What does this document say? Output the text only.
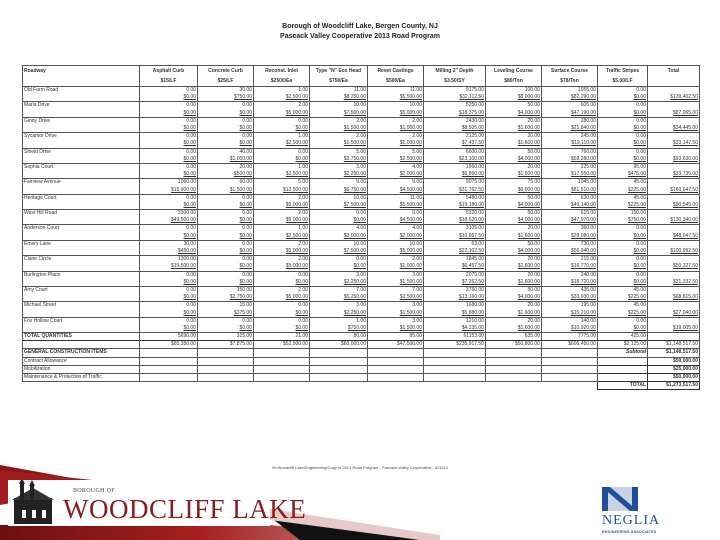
Borough of Woodcliff Lake, Bergen County, NJ
Pascack Valley Cooperative 2013 Road Program
Roadway	Asphalt Curb	Concrete Curb	Reconst. Inlet	Type "N" Eco Head	Reset Castings	Milling 2" Depth	Leveling Course	Surface Course	Traffic Stripes	Total
	$15/LF	$25/LF	$2500/Ea	$750/Ea	$500/Ea	$3.50/SY	$80/Ton	$78/Ton	$5.00/LF	
Old Farm Road	0.00	30.00	1.00	11.00	11.00	9175.00	100.00	1055.00	0.00	
	$0.00	$750.00	$2,500.00	$8,250.00	$5,500.00	$32,112.50	$8,000.00	$82,290.00	$0.00	$139,402.50
Maria Drive	0.00	0.00	2.00	10.00	10.00	5250.00	50.00	605.00	0.00	
	$0.00	$0.00	$5,000.00	$7,500.00	$5,000.00	$18,375.00	$4,000.00	$47,190.00	$0.00	$87,065.00
Ginny Drive	0.00	0.00	0.00	2.00	2.00	2430.00	20.00	280.00	0.00	
	$0.00	$0.00	$0.00	$1,500.00	$1,000.00	$8,505.00	$1,600.00	$21,840.00	$0.00	$34,445.00
Sycamor Drive	0.00	0.00	1.00	2.00	2.00	2125.00	20.00	245.00	0.00	
	$0.00	$0.00	$2,500.00	$1,500.00	$1,000.00	$7,437.50	$1,600.00	$19,110.00	$0.00	$33,147.50
Shield Drive	0.00	40.00	0.00	5.00	5.00	6600.00	50.00	760.00	0.00	
	$0.00	$1,000.00	$0.00	$3,750.00	$2,500.00	$23,100.00	$4,000.00	$59,280.00	$0.00	$93,630.00
Sophia Court	0.00	20.00	1.00	3.00	4.00	1960.00	20.00	225.00	95.00	
	$0.00	$500.00	$2,500.00	$2,250.00	$2,000.00	$6,860.00	$1,600.00	$17,550.00	$475.00	$33,735.00
Fairview Avenue	1060.00	60.00	5.00	9.00	9.00	9075.00	75.00	1045.00	45.00	
	$15,900.00	$1,500.00	$12,500.00	$6,750.00	$4,500.00	$31,762.50	$6,000.00	$81,510.00	$225.00	$160,647.50
Heritage Court	0.00	0.00	2.00	10.00	11.00	5480.00	50.00	630.00	45.00	
	$0.00	$0.00	$5,000.00	$7,500.00	$5,500.00	$19,180.00	$4,000.00	$49,140.00	$225.00	$90,545.00
West Hill Road	3300.00	0.00	2.00	0.00	9.00	5320.00	50.00	615.00	150.00	
	$49,500.00	$0.00	$5,000.00	$0.00	$4,500.00	$18,620.00	$4,000.00	$47,970.00	$750.00	$130,340.00
Anderson Court	0.00	0.00	1.00	4.00	4.00	3105.00	20.00	360.00	0.00	
	$0.00	$0.00	$2,500.00	$3,000.00	$2,000.00	$10,867.50	$1,600.00	$28,080.00	$0.00	$48,047.50
Emery Lane	30.00	0.00	2.00	10.00	10.00	63.00	50.00	730.00	0.00	
	$450.00	$0.00	$5,000.00	$7,500.00	$5,000.00	$22,102.50	$4,000.00	$56,940.00	$0.00	$100,992.50
Claire Circle	1300.00	0.00	2.00	0.00	2.00	1845.00	20.00	215.00	0.00	
	$19,500.00	$0.00	$5,000.00	$0.00	$1,000.00	$6,457.50	$1,600.00	$16,770.00	$0.00	$50,327.50
Burlington Place	0.00	0.00	0.00	3.00	3.00	2075.00	20.00	240.00	0.00	
	$0.00	$0.00	$0.00	$2,250.00	$1,500.00	$7,262.50	$1,600.00	$18,720.00	$0.00	$31,332.50
Amy Court	0.00	150.00	2.00	7.00	7.00	3760.00	50.00	435.00	45.00	
	$0.00	$3,750.00	$5,000.00	$5,250.00	$3,500.00	$13,160.00	$4,000.00	$33,930.00	$225.00	$68,815.00
Michael Street	0.00	15.00	0.00	3.00	3.00	1680.00	20.00	195.00	45.00	
	$0.00	$375.00	$0.00	$2,250.00	$1,500.00	$5,880.00	$1,600.00	$15,210.00	$225.00	$27,040.00
Fox Hollow Court	0.00	0.00	0.00	1.00	3.00	1210.00	20.00	140.00	0.00	
	$0.00	$0.00	$0.00	$750.00	$1,500.00	$4,235.00	$1,600.00	$10,920.00	$0.00	$19,005.00
TOTAL QUANTITIES	5690.00	315.00	21.00	80.00	95.00	61153.00	635.00	7775.00	425.00	
	$85,350.00	$7,875.00	$52,500.00	$60,000.00	$47,500.00	$235,917.50	$50,800.00	$606,450.00	$2,125.00	$1,148,517.50
GENERAL CONSTRUCTION ITEMS									Subtotal	$1,148,517.50
Contract Allowance										$50,000.00
Mobilization										$25,000.00
Maintenance & Protection of Traffic										$50,000.00
									TOTAL	$1,273,517.50
M:\Woodcliff Lake\Engineering\Copy of 2013 Road Program - Pascack Valley Cooperative - 021113
BOROUGH OF
WOODCLIFF LAKE	NEGLIA
ENGINEERING ASSOCIATES
